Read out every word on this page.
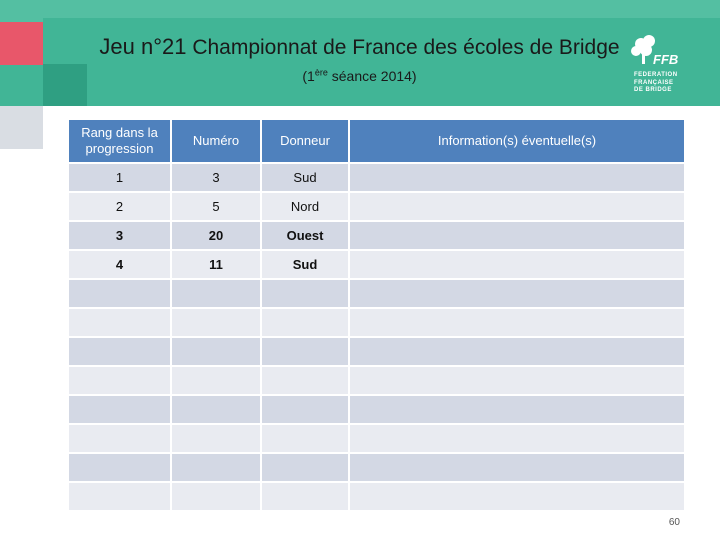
Jeu n°21 Championnat de France des écoles de Bridge
(1ère séance 2014)
FFB
FEDERATION FRANÇAISE DE BRIDGE
Rang dans la progression	Numéro	Donneur	Information(s) éventuelle(s)
1	3	Sud	
2	5	Nord	
3	20	Ouest	
4	11	Sud	

60
